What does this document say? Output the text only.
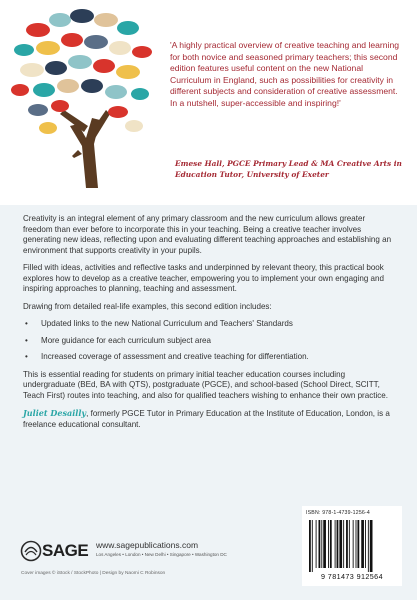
'A highly practical overview of creative teaching and learning for both novice and seasoned primary teachers; this second edition features useful content on the new National Curriculum in England, such as possibilities for creativity in different subjects and consideration of creative assessment. In a nutshell, super-accessible and inspiring!'

Emese Hall, PGCE Primary Lead & MA Creative Arts in Education Tutor, University of Exeter

Creativity is an integral element of any primary classroom and the new curriculum allows greater freedom than ever before to incorporate this in your teaching. Being a creative teacher involves generating new ideas, reflecting upon and evaluating different teaching approaches and establishing an environment that supports creativity in your pupils.

Filled with ideas, activities and reflective tasks and underpinned by relevant theory, this practical book explores how to develop as a creative teacher, empowering you to implement your own engaging and inspiring approaches to planning, teaching and assessment.

Drawing from detailed real-life examples, this second edition includes:

• Updated links to the new National Curriculum and Teachers' Standards
• More guidance for each curriculum subject area
• Increased coverage of assessment and creative teaching for differentiation.

This is essential reading for students on primary initial teacher education courses including undergraduate (BEd, BA with QTS), postgraduate (PGCE), and school-based (School Direct, SCITT, Teach First) routes into teaching, and also for qualified teachers wishing to enhance their own practice.

Juliet Desailly, formerly PGCE Tutor in Primary Education at the Institute of Education, London, is a freelance educational consultant.

SAGE www.sagepublications.com
Los Angeles • London • New Delhi • Singapore • Washington DC
Cover images © iStock / StockPhoto | Design by Naomi C Robinson
ISBN: 978-1-4739-1256-4
9 781473 912564
